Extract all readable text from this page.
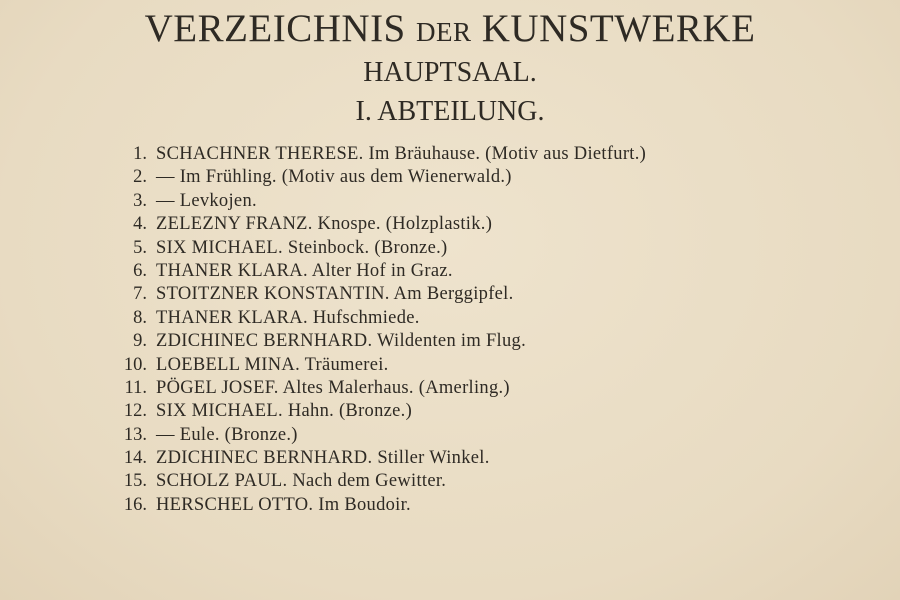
VERZEICHNIS der KUNSTWERKE
HAUPTSAAL.
I. ABTEILUNG.
1. SCHACHNER THERESE. Im Bräuhause. (Motiv aus Dietfurt.)
2. — Im Frühling. (Motiv aus dem Wienerwald.)
3. — Levkojen.
4. ZELEZNY FRANZ. Knospe. (Holzplastik.)
5. SIX MICHAEL. Steinbock. (Bronze.)
6. THANER KLARA. Alter Hof in Graz.
7. STOITZNER KONSTANTIN. Am Berggipfel.
8. THANER KLARA. Hufschmiede.
9. ZDICHINEC BERNHARD. Wildenten im Flug.
10. LOEBELL MINA. Träumerei.
11. PÖGEL JOSEF. Altes Malerhaus. (Amerling.)
12. SIX MICHAEL. Hahn. (Bronze.)
13. — Eule. (Bronze.)
14. ZDICHINEC BERNHARD. Stiller Winkel.
15. SCHOLZ PAUL. Nach dem Gewitter.
16. HERSCHEL OTTO. Im Boudoir.
